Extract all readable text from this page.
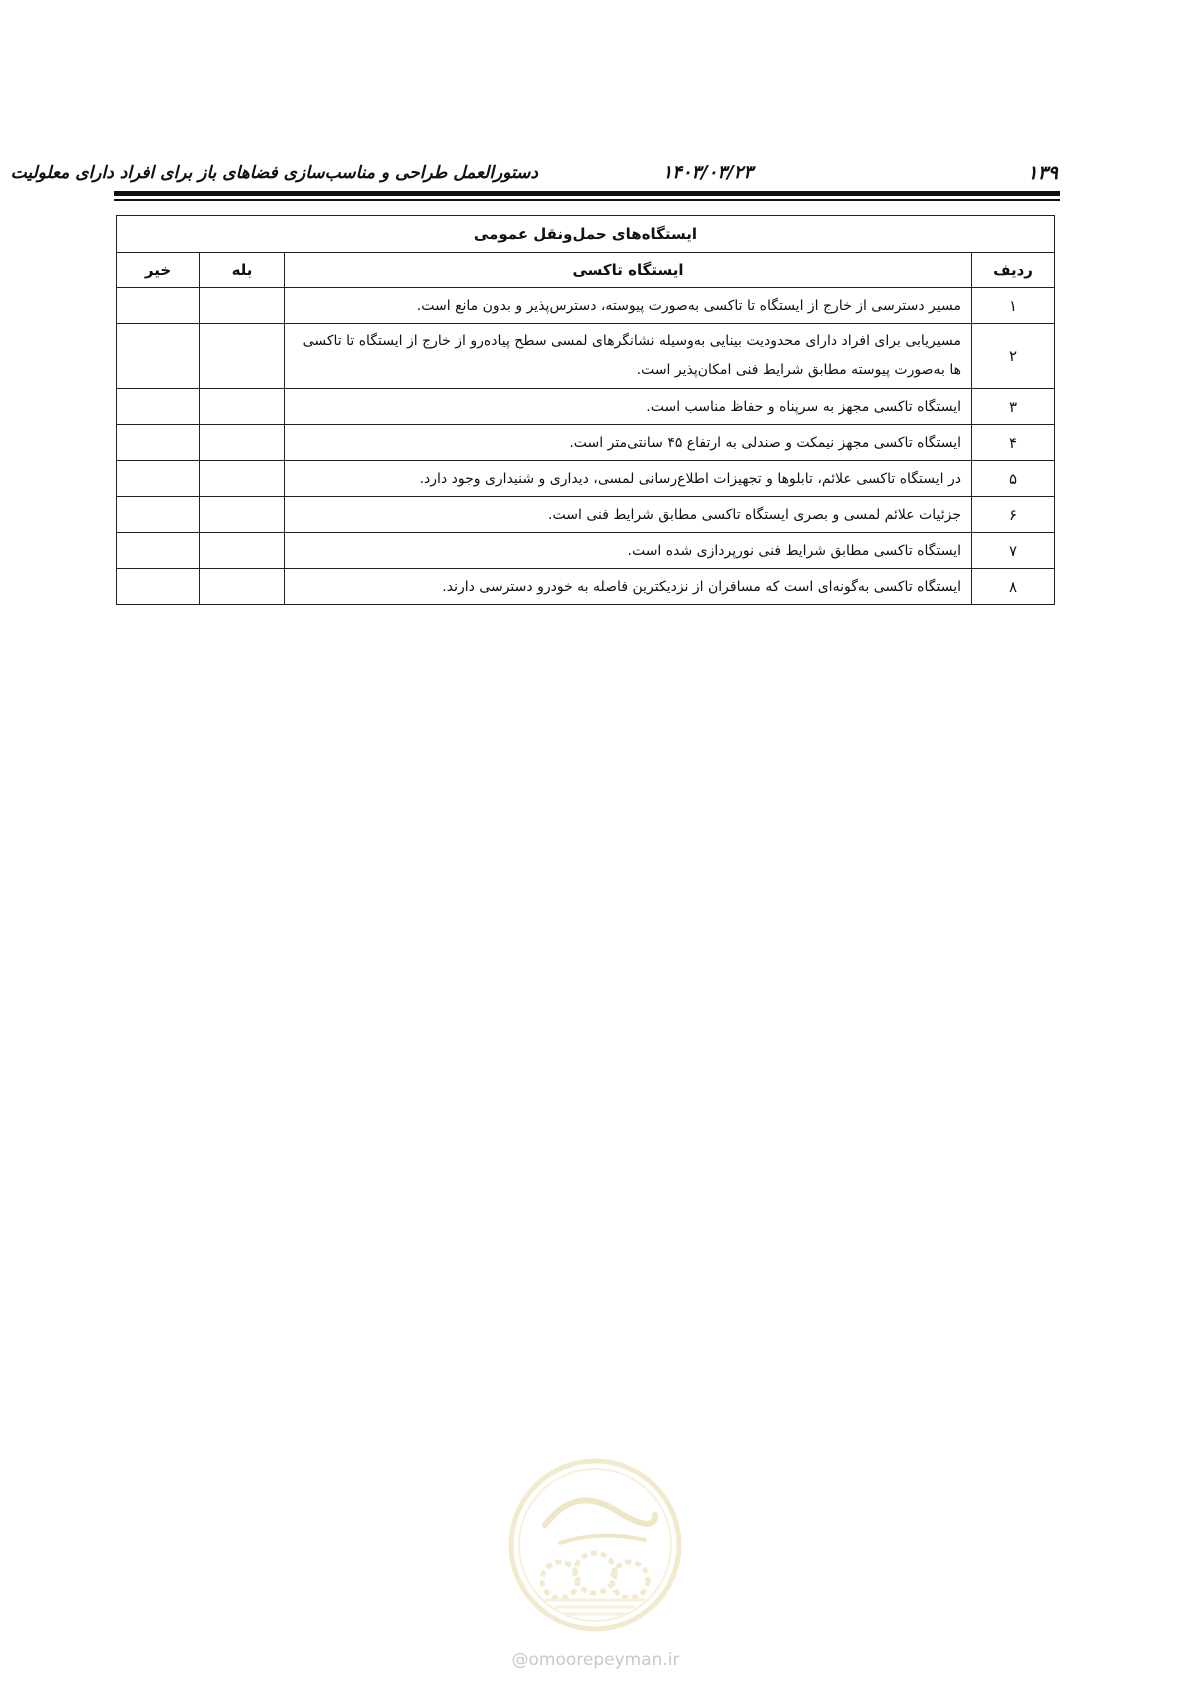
۱۳۹
۱۴۰۳/۰۳/۲۳
دستورالعمل طراحی و مناسب‌سازی فضاهای باز برای افراد دارای معلولیت
ایستگاه‌های حمل‌ونقل عمومی			
ردیف	ایستگاه تاکسی	بله	خیر
۱	مسیر دسترسی از خارج از ایستگاه تا تاکسی به‌صورت پیوسته، دسترس‌پذیر و بدون مانع است.		
۲	مسیریابی برای افراد دارای محدودیت بینایی به‌وسیله نشانگرهای لمسی سطح پیاده‌رو از خارج از ایستگاه تا تاکسی ها به‌صورت پیوسته مطابق شرایط فنی امکان‌پذیر است.		
۳	ایستگاه تاکسی مجهز به سرپناه و حفاظ مناسب است.		
۴	ایستگاه تاکسی مجهز نیمکت و صندلی به ارتفاع ۴۵ سانتی‌متر است.		
۵	در ایستگاه تاکسی علائم، تابلوها و تجهیزات اطلاع‌رسانی لمسی، دیداری و شنیداری وجود دارد.		
۶	جزئیات علائم لمسی و بصری ایستگاه تاکسی مطابق شرایط فنی است.		
۷	ایستگاه تاکسی مطابق شرایط فنی نورپردازی شده است.		
۸	ایستگاه تاکسی به‌گونه‌ای است که مسافران از نزدیکترین فاصله به خودرو دسترسی دارند.		
@omoorepeyman.ir
